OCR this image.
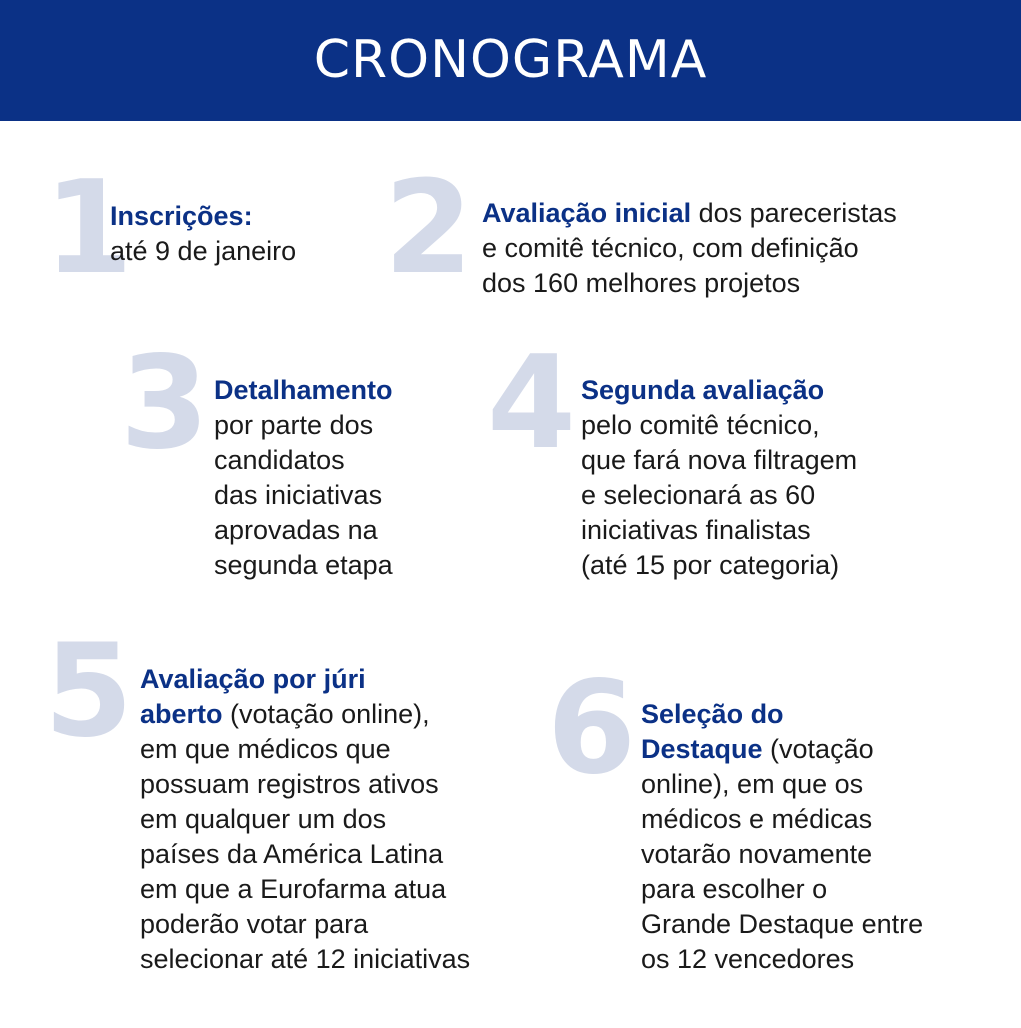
CRONOGRAMA
1
Inscrições:
até 9 de janeiro 2 Avaliação inicial dos pareceristas
e comitê técnico, com definição
dos 160 melhores projetos
3 Detalhamento
por parte dos
candidatos
das iniciativas
aprovadas na
segunda etapa
4 Segunda avaliação
pelo comitê técnico,
que fará nova filtragem
e selecionará as 60
iniciativas finalistas
(até 15 por categoria)
5 Avaliação por júri
aberto (votação online),
em que médicos que
possuam registros ativos
em qualquer um dos
países da América Latina
em que a Eurofarma atua
poderão votar para
selecionar até 12 iniciativas
6 Seleção do
Destaque (votação
online), em que os
médicos e médicas
votarão novamente
para escolher o
Grande Destaque entre
os 12 vencedores
